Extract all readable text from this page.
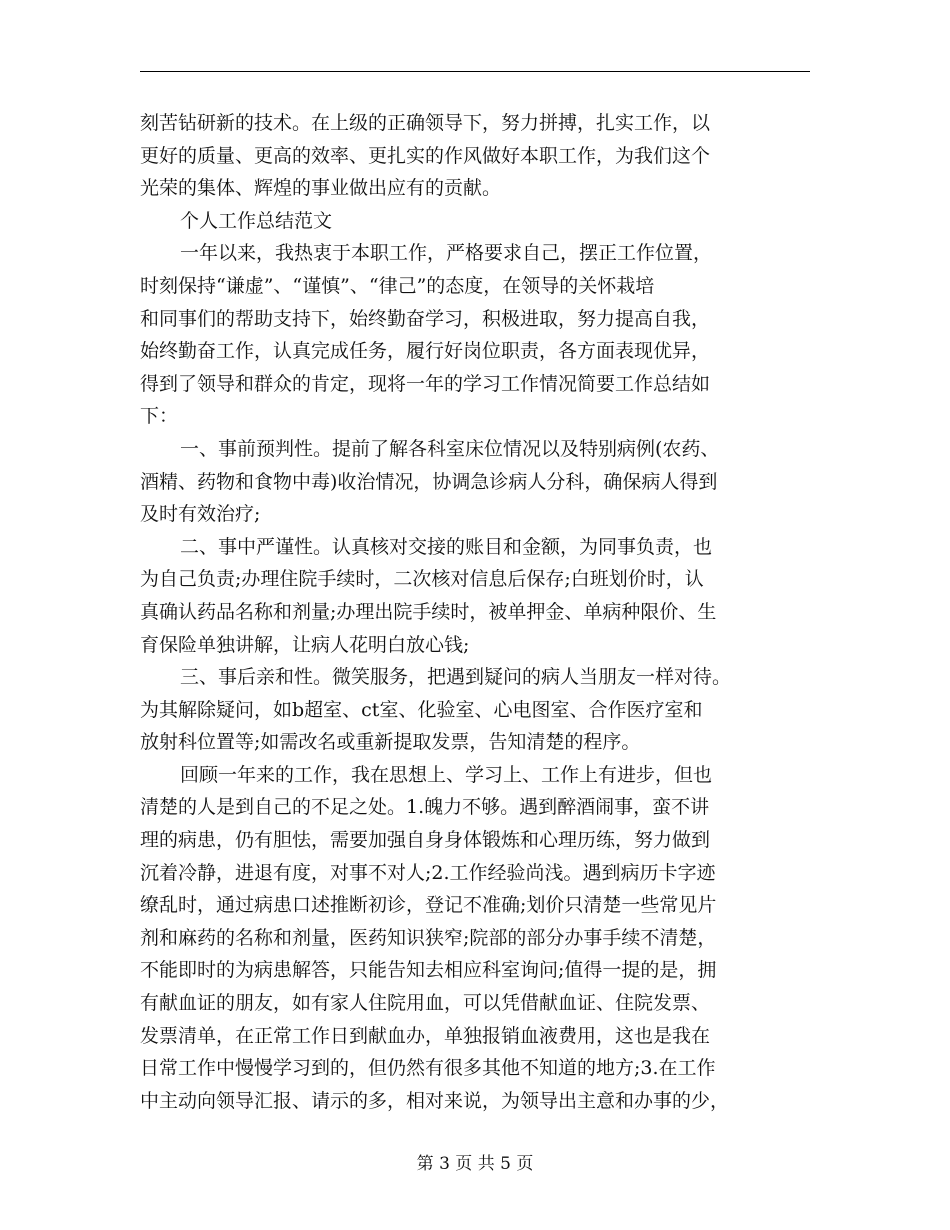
刻苦钻研新的技术。在上级的正确领导下，努力拼搏，扎实工作，以
更好的质量、更高的效率、更扎实的作风做好本职工作，为我们这个
光荣的集体、辉煌的事业做出应有的贡献。
个人工作总结范文
一年以来，我热衷于本职工作，严格要求自己，摆正工作位置，
时刻保持“谦虚”、“谨慎”、“律己”的态度，在领导的关怀栽培
和同事们的帮助支持下，始终勤奋学习，积极进取，努力提高自我，
始终勤奋工作，认真完成任务，履行好岗位职责，各方面表现优异，
得到了领导和群众的肯定，现将一年的学习工作情况简要工作总结如
下：
一、事前预判性。提前了解各科室床位情况以及特别病例(农药、
酒精、药物和食物中毒)收治情况，协调急诊病人分科，确保病人得到
及时有效治疗;
二、事中严谨性。认真核对交接的账目和金额，为同事负责，也
为自己负责;办理住院手续时，二次核对信息后保存;白班划价时，认
真确认药品名称和剂量;办理出院手续时，被单押金、单病种限价、生
育保险单独讲解，让病人花明白放心钱;
三、事后亲和性。微笑服务，把遇到疑问的病人当朋友一样对待。
为其解除疑问，如b超室、ct室、化验室、心电图室、合作医疗室和
放射科位置等;如需改名或重新提取发票，告知清楚的程序。
回顾一年来的工作，我在思想上、学习上、工作上有进步，但也
清楚的人是到自己的不足之处。1.魄力不够。遇到醉酒闹事，蛮不讲
理的病患，仍有胆怯，需要加强自身身体锻炼和心理历练，努力做到
沉着冷静，进退有度，对事不对人;2.工作经验尚浅。遇到病历卡字迹
缭乱时，通过病患口述推断初诊，登记不准确;划价只清楚一些常见片
剂和麻药的名称和剂量，医药知识狭窄;院部的部分办事手续不清楚，
不能即时的为病患解答，只能告知去相应科室询问;值得一提的是，拥
有献血证的朋友，如有家人住院用血，可以凭借献血证、住院发票、
发票清单，在正常工作日到献血办，单独报销血液费用，这也是我在
日常工作中慢慢学习到的，但仍然有很多其他不知道的地方;3.在工作
中主动向领导汇报、请示的多，相对来说，为领导出主意和办事的少，
第 3 页 共 5 页
